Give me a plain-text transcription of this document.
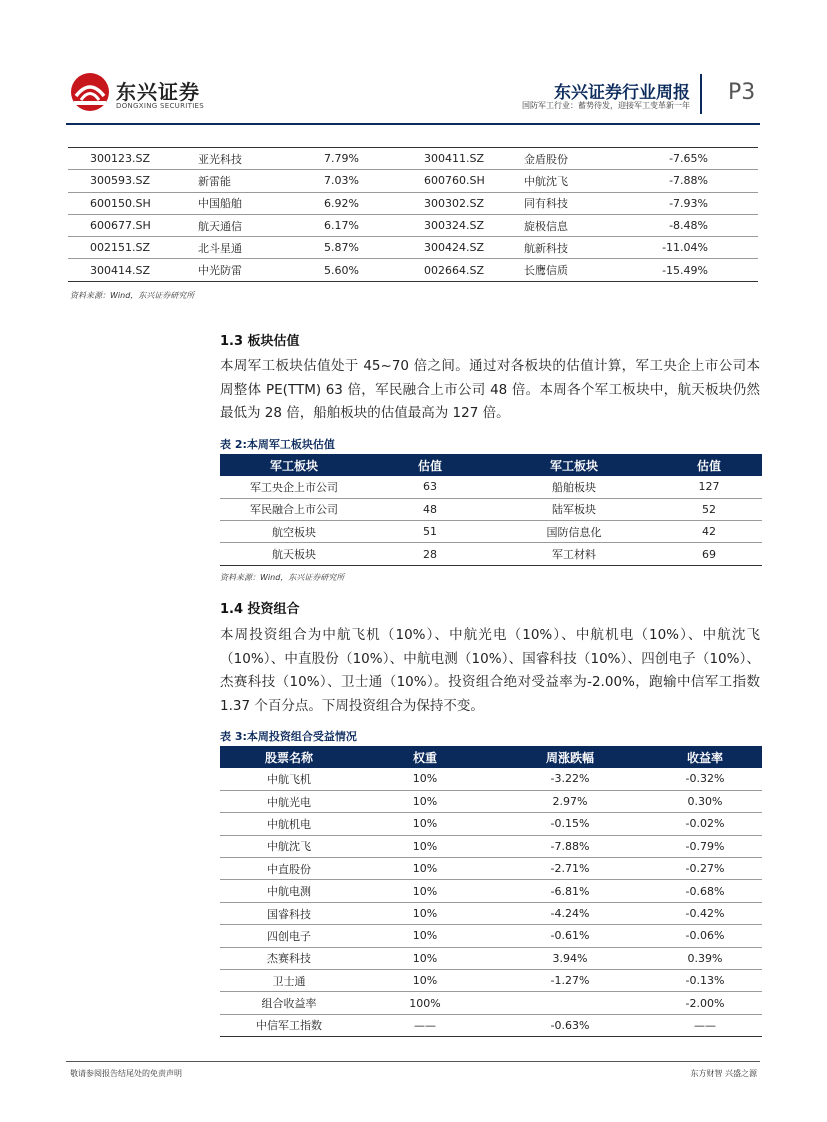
东兴证券
DONGXING SECURITIES
东兴证券行业周报
国防军工行业：蓄势待发，迎接军工变革新一年
P3
300123.SZ	亚光科技	7.79%	300411.SZ	金盾股份	-7.65%
300593.SZ	新雷能	7.03%	600760.SH	中航沈飞	-7.88%
600150.SH	中国船舶	6.92%	300302.SZ	同有科技	-7.93%
600677.SH	航天通信	6.17%	300324.SZ	旋极信息	-8.48%
002151.SZ	北斗星通	5.87%	300424.SZ	航新科技	-11.04%
300414.SZ	中光防雷	5.60%	002664.SZ	长鹰信质	-15.49%
资料来源：Wind，东兴证券研究所
1.3 板块估值
本周军工板块估值处于 45~70 倍之间。通过对各板块的估值计算，军工央企上市公司本周整体 PE(TTM) 63 倍，军民融合上市公司 48 倍。本周各个军工板块中，航天板块仍然最低为 28 倍，船舶板块的估值最高为 127 倍。
表 2:本周军工板块估值
军工板块	估值	军工板块	估值
军工央企上市公司	63	船舶板块	127
军民融合上市公司	48	陆军板块	52
航空板块	51	国防信息化	42
航天板块	28	军工材料	69
资料来源：Wind，东兴证券研究所
1.4 投资组合
本周投资组合为中航飞机（10%）、中航光电（10%）、中航机电（10%）、中航沈飞（10%）、中直股份（10%）、中航电测（10%）、国睿科技（10%）、四创电子（10%）、杰赛科技（10%）、卫士通（10%）。投资组合绝对受益率为-2.00%，跑输中信军工指数 1.37 个百分点。下周投资组合为保持不变。
表 3:本周投资组合受益情况
股票名称	权重	周涨跌幅	收益率
中航飞机	10%	-3.22%	-0.32%
中航光电	10%	2.97%	0.30%
中航机电	10%	-0.15%	-0.02%
中航沈飞	10%	-7.88%	-0.79%
中直股份	10%	-2.71%	-0.27%
中航电测	10%	-6.81%	-0.68%
国睿科技	10%	-4.24%	-0.42%
四创电子	10%	-0.61%	-0.06%
杰赛科技	10%	3.94%	0.39%
卫士通	10%	-1.27%	-0.13%
组合收益率	100%		-2.00%
中信军工指数	——	-0.63%	——
敬请参阅报告结尾处的免责声明	东方财智 兴盛之源
